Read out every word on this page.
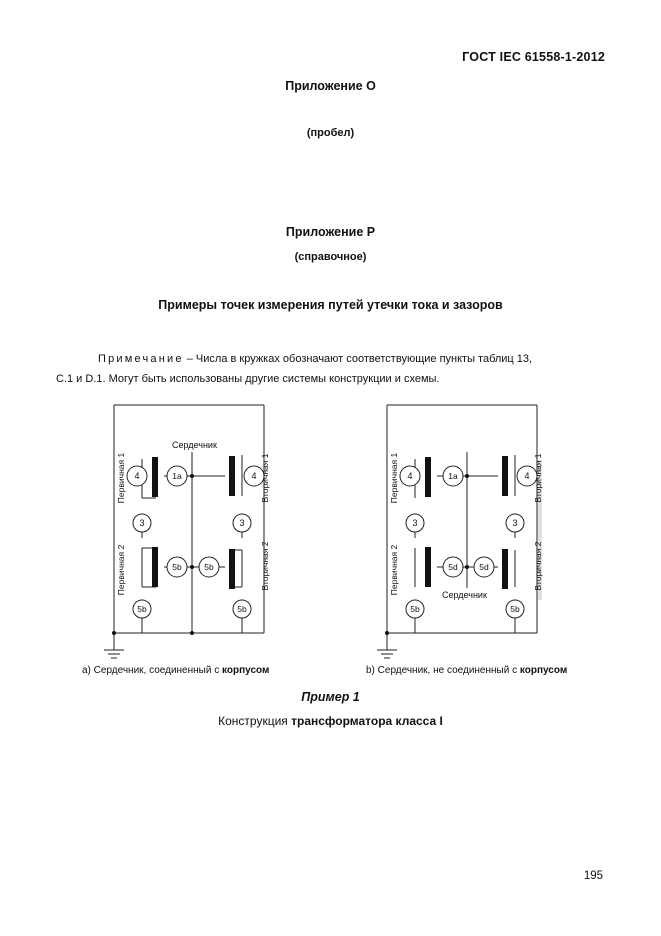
ГОСТ IEC 61558-1-2012
Приложение О
(пробел)
Приложение Р
(справочное)
Примеры точек измерения путей утечки тока и зазоров
Примечание – Числа в кружках обозначают соответствующие пункты таблиц 13,
C.1 и D.1. Могут быть использованы другие системы конструкции и схемы.
Сердечник
4	1a	4
3	3
5b	5b
5b	5b
Первичная 1
Первичная 2
Вторичная 1
Вторичная 2
Сердечник
4	1a	4
3	3
5d	5d
5b	5b
Первичная 1
Первичная 2
Вторичная 1
Вторичная 2
a) Сердечник, соединенный с корпусом	b) Сердечник, не соединенный с корпусом
Пример 1
Конструкция трансформатора класса I
195
